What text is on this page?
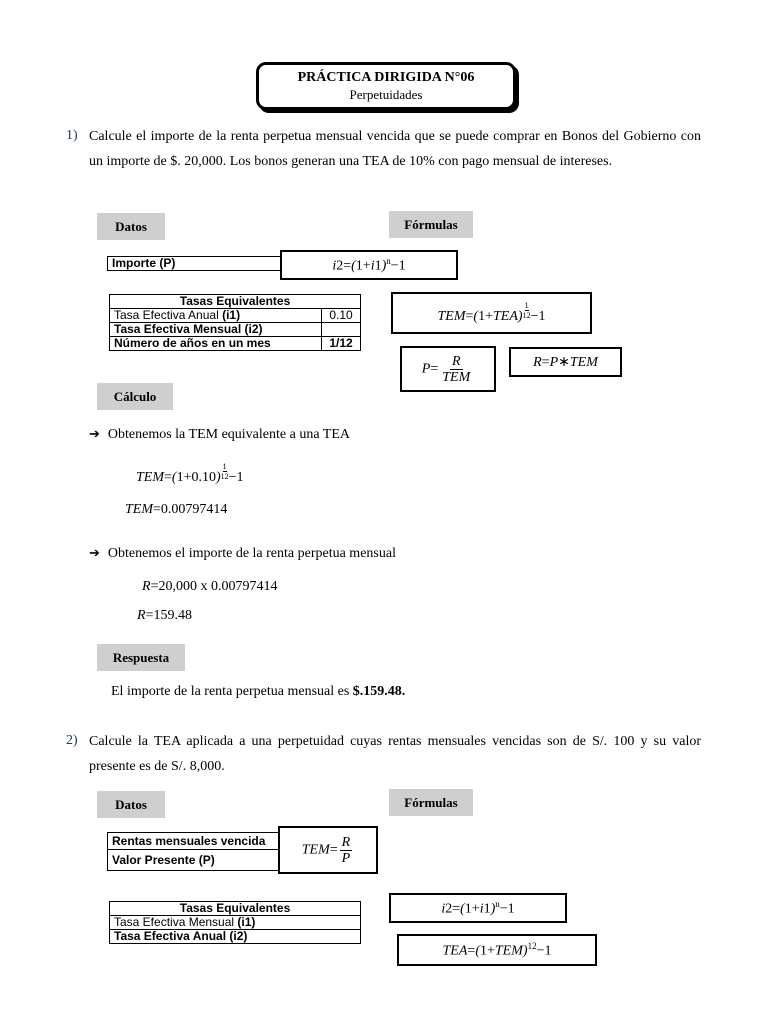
PRÁCTICA DIRIGIDA N°06
Perpetuidades
1) Calcule el importe de la renta perpetua mensual vencida que se puede comprar en Bonos del Gobierno con un importe de $. 20,000. Los bonos generan una TEA de 10% con pago mensual de intereses.
Datos	Fórmulas
Importe (P)	$i2=(1+i1)^n-1$
Tasas Equivalentes	
Tasa Efectiva Anual (i1)	0.10
Tasa Efectiva Mensual (i2)	
Número de años en un mes	1/12
$TEM=(1+TEA) \frac{1}{12} -1$
$P= \frac{R}{\text{TEM}}$	R=P∗TEM
Cálculo
➔ Obtenemos la TEM equivalente a una TEA
$TEM=(1+0.10) \frac{1}{12} -1$
TEM=0.00797414
➔ Obtenemos el importe de la renta perpetua mensual
R=20,000 x 0.00797414
R=159.48
Respuesta
El importe de la renta perpetua mensual es $.159.48.
2) Calcule la TEA aplicada a una perpetuidad cuyas rentas mensuales vencidas son de S/. 100 y su valor presente es de S/. 8,000.
Datos	Fórmulas
Rentas mensuales vencida	
Valor Presente (P)	
$TEM= \frac{R}{P}$
Tasas Equivalentes
Tasa Efectiva Mensual (i1)
Tasa Efectiva Anual (i2)
$i2=(1+i1)^n-1$
$TEA=(1+TEM)^{12}-1$
